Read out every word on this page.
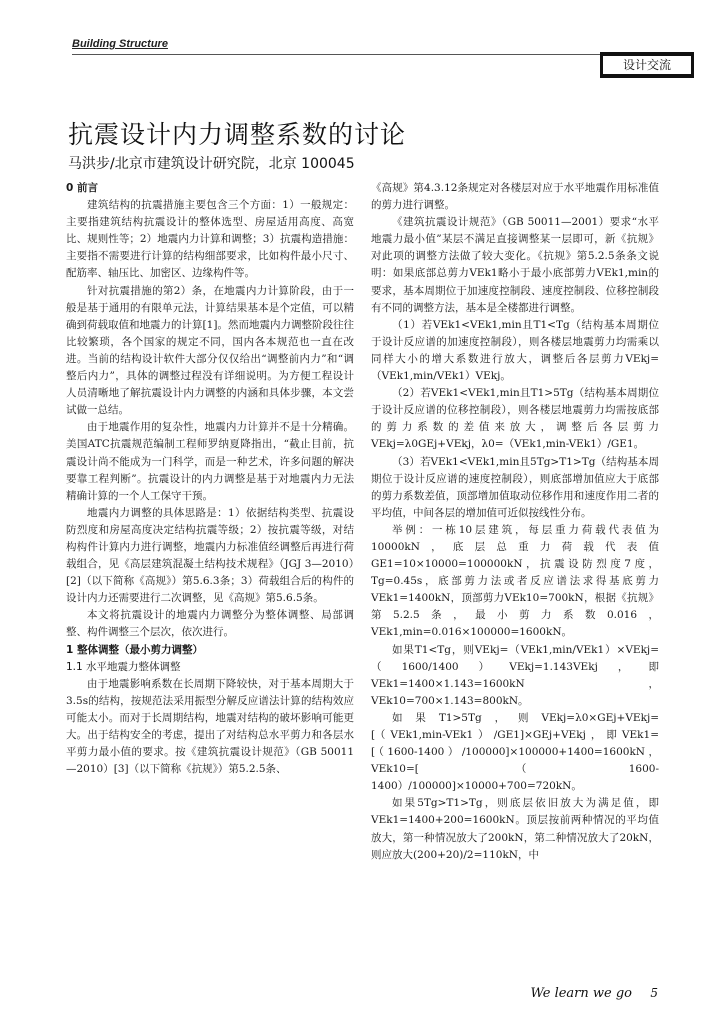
Building Structure
设计交流
抗震设计内力调整系数的讨论
马洪步/北京市建筑设计研究院，北京 100045

0 前言

建筑结构的抗震措施主要包含三个方面：1）一般规定：主要指建筑结构抗震设计的整体选型、房屋适用高度、高宽比、规则性等；2）地震内力计算和调整；3）抗震构造措施：主要指不需要进行计算的结构细部要求，比如构件最小尺寸、配筋率、轴压比、加密区、边缘构件等。

针对抗震措施的第2）条，在地震内力计算阶段，由于一般是基于通用的有限单元法，计算结果基本是个定值，可以精确到荷载取值和地震力的计算[1]。然而地震内力调整阶段往往比较繁琐，各个国家的规定不同，国内各本规范也一直在改进。当前的结构设计软件大部分仅仅给出“调整前内力”和“调整后内力”，具体的调整过程没有详细说明。为方便工程设计人员清晰地了解抗震设计内力调整的内涵和具体步骤，本文尝试做一总结。

由于地震作用的复杂性，地震内力计算并不是十分精确。美国ATC抗震规范编制工程师罗纳夏降指出，“截止目前，抗震设计尚不能成为一门科学，而是一种艺术，许多问题的解决要靠工程判断”。抗震设计的内力调整是基于对地震内力无法精确计算的一个人工保守干预。

地震内力调整的具体思路是：1）依据结构类型、抗震设防烈度和房屋高度决定结构抗震等级；2）按抗震等级，对结构构件计算内力进行调整，地震内力标准值经调整后再进行荷载组合，见《高层建筑混凝土结构技术规程》（JGJ 3—2010）[2]（以下简称《高规》）第5.6.3条；3）荷载组合后的构件的设计内力还需要进行二次调整，见《高规》第5.6.5条。

本文将抗震设计的地震内力调整分为整体调整、局部调整、构件调整三个层次，依次进行。

1 整体调整（最小剪力调整）

1.1 水平地震力整体调整

由于地震影响系数在长周期下降较快，对于基本周期大于3.5s的结构，按规范法采用振型分解反应谱法计算的结构效应可能太小。而对于长周期结构，地震对结构的破坏影响可能更大。出于结构安全的考虑，提出了对结构总水平剪力和各层水平剪力最小值的要求。按《建筑抗震设计规范》（GB 50011—2010）[3]（以下简称《抗规》）第5.2.5条、

《高规》第4.3.12条规定对各楼层对应于水平地震作用标准值的剪力进行调整。

《建筑抗震设计规范》（GB 50011—2001）要求“水平地震力最小值”某层不满足直接调整某一层即可，新《抗规》对此项的调整方法做了较大变化。《抗规》第5.2.5条条文说明：如果底部总剪力VEk1略小于最小底部剪力VEk1,min的要求，基本周期位于加速度控制段、速度控制段、位移控制段有不同的调整方法，基本是全楼都进行调整。

（1）若VEk1<VEk1,min且T1<Tg（结构基本周期位于设计反应谱的加速度控制段），则各楼层地震剪力均需乘以同样大小的增大系数进行放大，调整后各层剪力VEkj=（VEk1,min/VEk1）VEkj。

（2）若VEk1<VEk1,min且T1>5Tg（结构基本周期位于设计反应谱的位移控制段），则各楼层地震剪力均需按底部的剪力系数的差值来放大，调整后各层剪力VEkj=λ0GEj+VEkj，λ0=（VEk1,min-VEk1）/GE1。

（3）若VEk1<VEk1,min且5Tg>T1>Tg（结构基本周期位于设计反应谱的速度控制段），则底部增加值应大于底部的剪力系数差值，顶部增加值取动位移作用和速度作用二者的平均值，中间各层的增加值可近似按线性分布。

举例：一栋10层建筑，每层重力荷载代表值为10000kN，底层总重力荷载代表值GE1=10×10000=100000kN，抗震设防烈度7度，Tg=0.45s，底部剪力法或者反应谱法求得基底剪力VEk1=1400kN，顶部剪力VEk10=700kN，根据《抗规》第5.2.5条，最小剪力系数0.016，VEk1,min=0.016×100000=1600kN。

如果T1<Tg，则VEkj=（VEk1,min/VEk1）×VEkj=（1600/1400）VEkj=1.143VEkj，即VEk1=1400×1.143=1600kN，VEk10=700×1.143=800kN。

如果T1>5Tg，则VEkj=λ0×GEj+VEkj=[（VEk1,min-VEk1）/GE1]×GEj+VEkj，即VEk1=[（1600-1400）/100000]×100000+1400=1600kN，VEk10=[（1600-1400）/100000]×10000+700=720kN。

如果5Tg>T1>Tg，则底层依旧放大为满足值，即VEk1=1400+200=1600kN。顶层按前两种情况的平均值放大，第一种情况放大了200kN，第二种情况放大了20kN，则应放大(200+20)/2=110kN，中

We learn we go 5
